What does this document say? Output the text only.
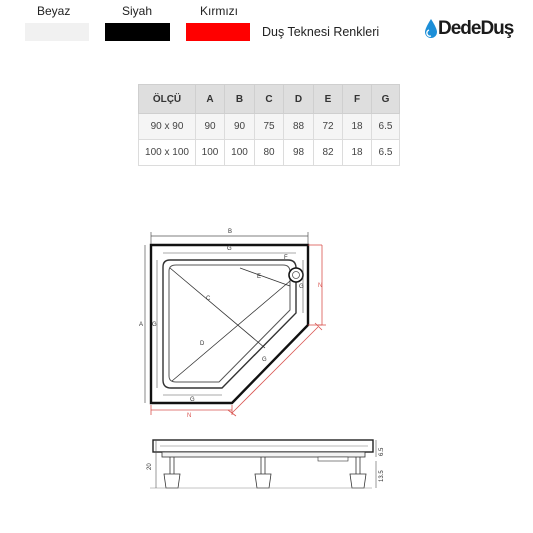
Beyaz	Siyah	Kırmızı
Duş Teknesi Renkleri	DedeDuş
ÖLÇÜ	A	B	C	D	E	F	G
90 x 90	90	90	75	88	72	18	6.5
100 x 100	100	100	80	98	82	18	6.5
B
G
A G
G
G
G
C
D
E
F
N
N
20
6.5
13.5
